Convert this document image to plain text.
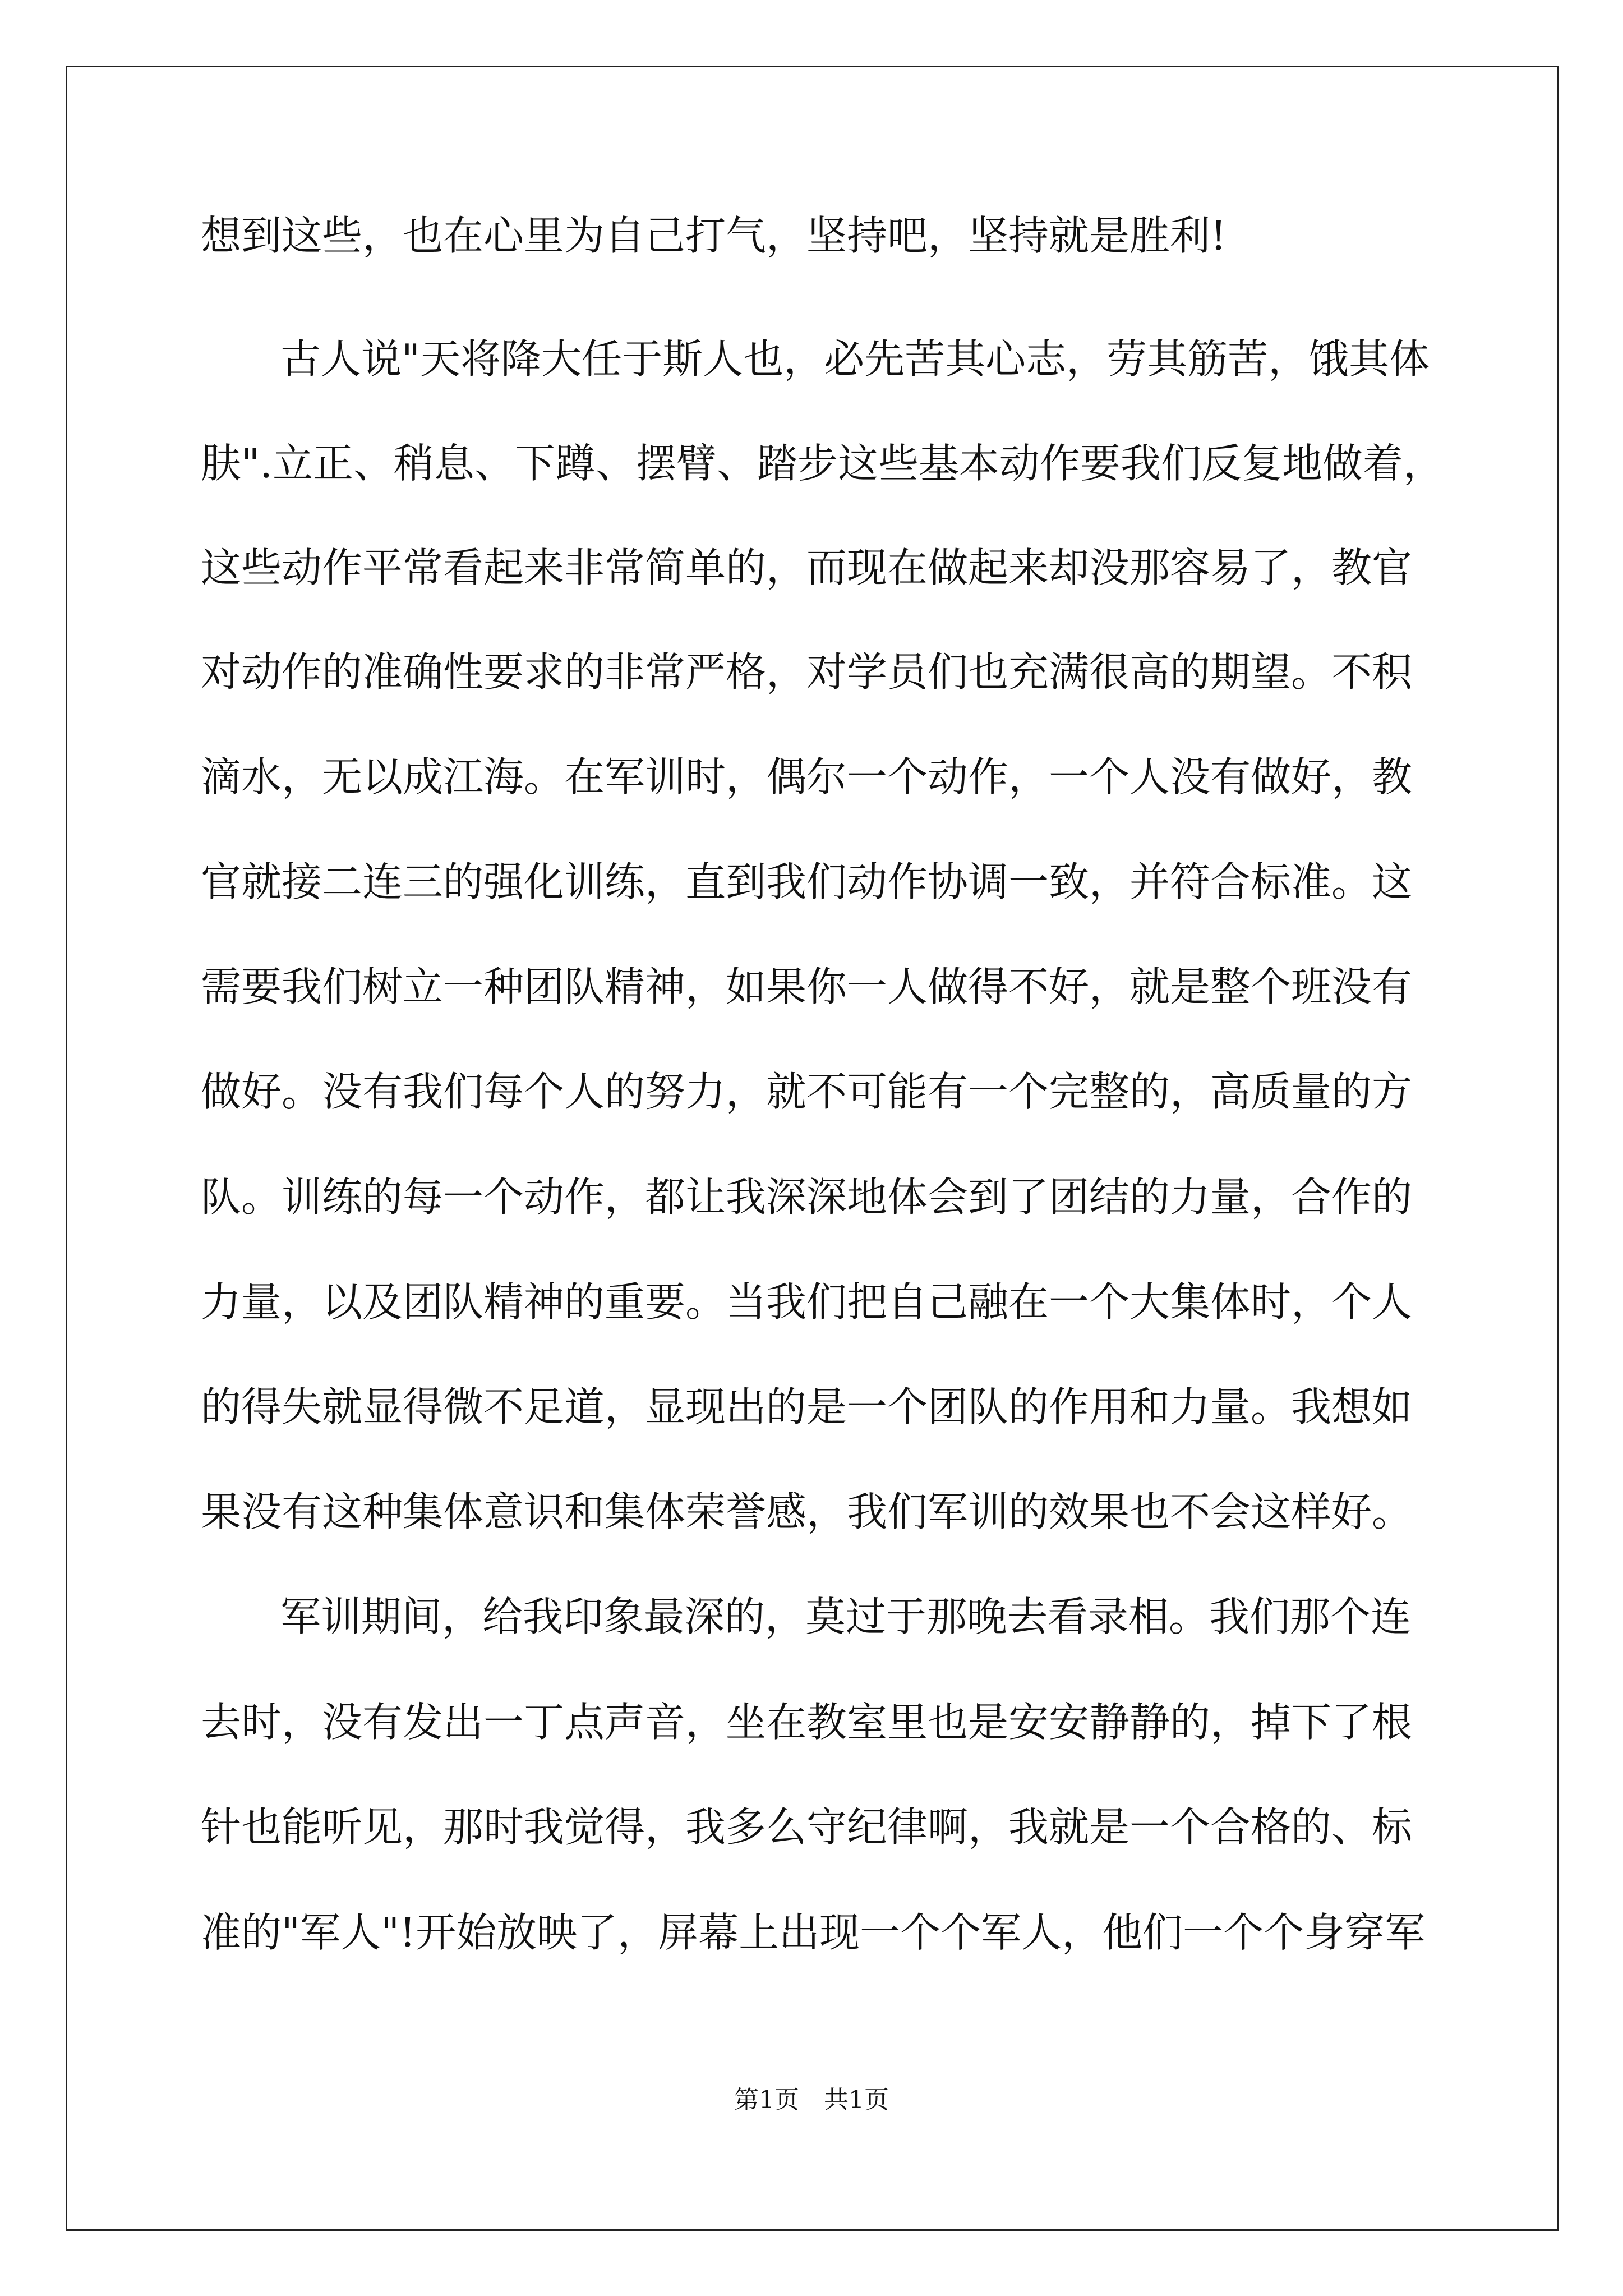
想到这些，也在心里为自己打气，坚持吧，坚持就是胜利!

古人说"天将降大任于斯人也，必先苦其心志，劳其筋苦，饿其体

肤".立正、稍息、下蹲、摆臂、踏步这些基本动作要我们反复地做着，

这些动作平常看起来非常简单的，而现在做起来却没那容易了，教官

对动作的准确性要求的非常严格，对学员们也充满很高的期望。不积

滴水，无以成江海。在军训时，偶尔一个动作，一个人没有做好，教

官就接二连三的强化训练，直到我们动作协调一致，并符合标准。这

需要我们树立一种团队精神，如果你一人做得不好，就是整个班没有

做好。没有我们每个人的努力，就不可能有一个完整的，高质量的方

队。训练的每一个动作，都让我深深地体会到了团结的力量，合作的

力量，以及团队精神的重要。当我们把自己融在一个大集体时，个人

的得失就显得微不足道，显现出的是一个团队的作用和力量。我想如

果没有这种集体意识和集体荣誉感，我们军训的效果也不会这样好。

军训期间，给我印象最深的，莫过于那晚去看录相。我们那个连

去时，没有发出一丁点声音，坐在教室里也是安安静静的，掉下了根

针也能听见，那时我觉得，我多么守纪律啊，我就是一个合格的、标

准的"军人"!开始放映了，屏幕上出现一个个军人，他们一个个身穿军

第1页　共1页
